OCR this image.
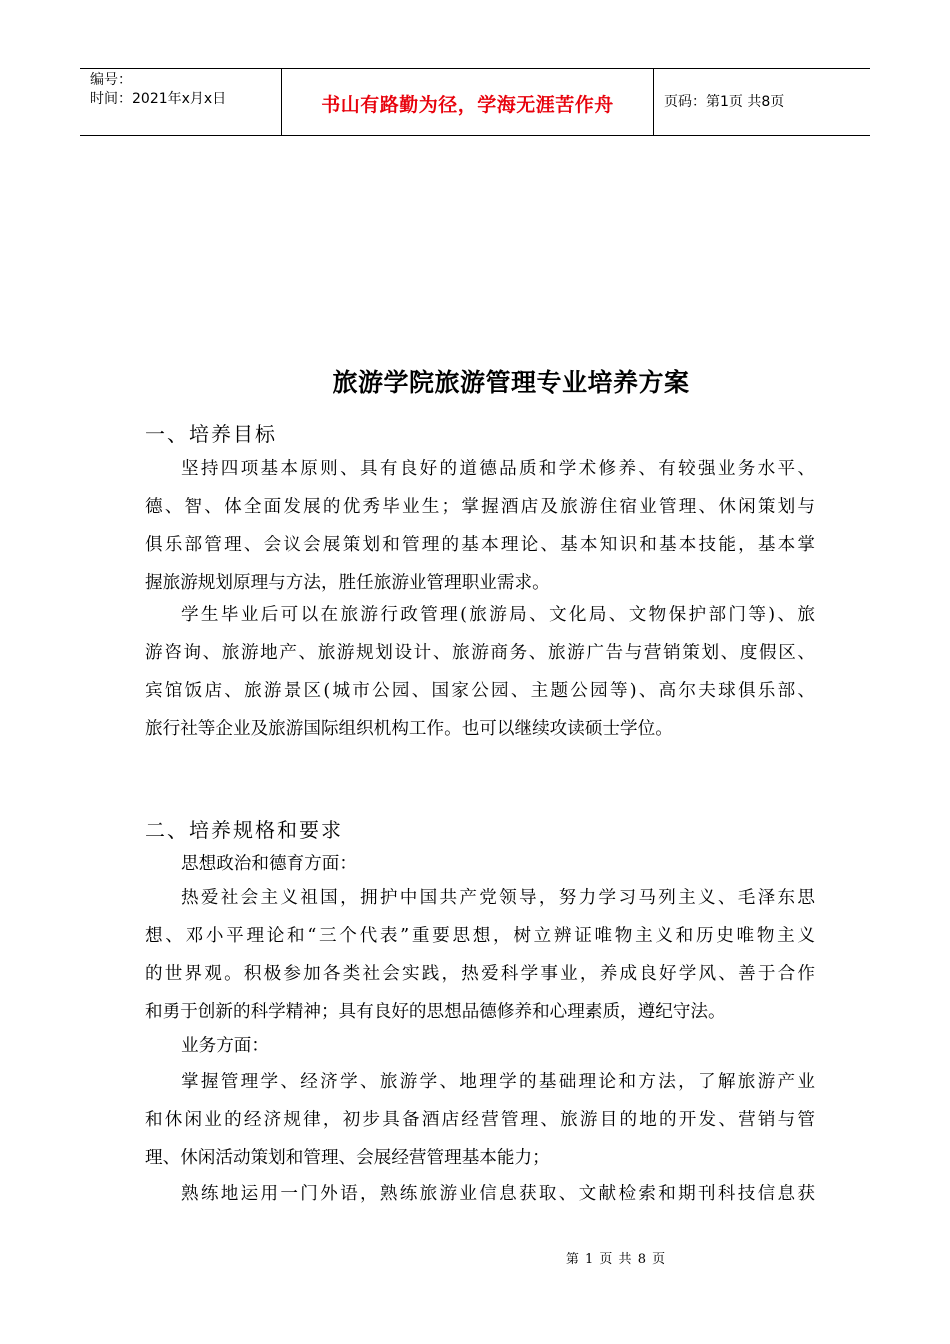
编号：
时间：2021年x月x日	书山有路勤为径，学海无涯苦作舟	页码：第1页 共8页
旅游学院旅游管理专业培养方案
一、培养目标
坚持四项基本原则、具有良好的道德品质和学术修养、有较强业务水平、
德、智、体全面发展的优秀毕业生；掌握酒店及旅游住宿业管理、休闲策划与
俱乐部管理、会议会展策划和管理的基本理论、基本知识和基本技能，基本掌
握旅游规划原理与方法，胜任旅游业管理职业需求。
学生毕业后可以在旅游行政管理(旅游局、文化局、文物保护部门等)、旅
游咨询、旅游地产、旅游规划设计、旅游商务、旅游广告与营销策划、度假区、
宾馆饭店、旅游景区(城市公园、国家公园、主题公园等)、高尔夫球俱乐部、
旅行社等企业及旅游国际组织机构工作。也可以继续攻读硕士学位。
二、培养规格和要求
思想政治和德育方面：
热爱社会主义祖国，拥护中国共产党领导，努力学习马列主义、毛泽东思
想、邓小平理论和“三个代表”重要思想，树立辨证唯物主义和历史唯物主义
的世界观。积极参加各类社会实践，热爱科学事业，养成良好学风、善于合作
和勇于创新的科学精神；具有良好的思想品德修养和心理素质，遵纪守法。
业务方面：
掌握管理学、经济学、旅游学、地理学的基础理论和方法，了解旅游产业
和休闲业的经济规律，初步具备酒店经营管理、旅游目的地的开发、营销与管
理、休闲活动策划和管理、会展经营管理基本能力；
熟练地运用一门外语，熟练旅游业信息获取、文献检索和期刊科技信息获
第 1 页 共 8 页
